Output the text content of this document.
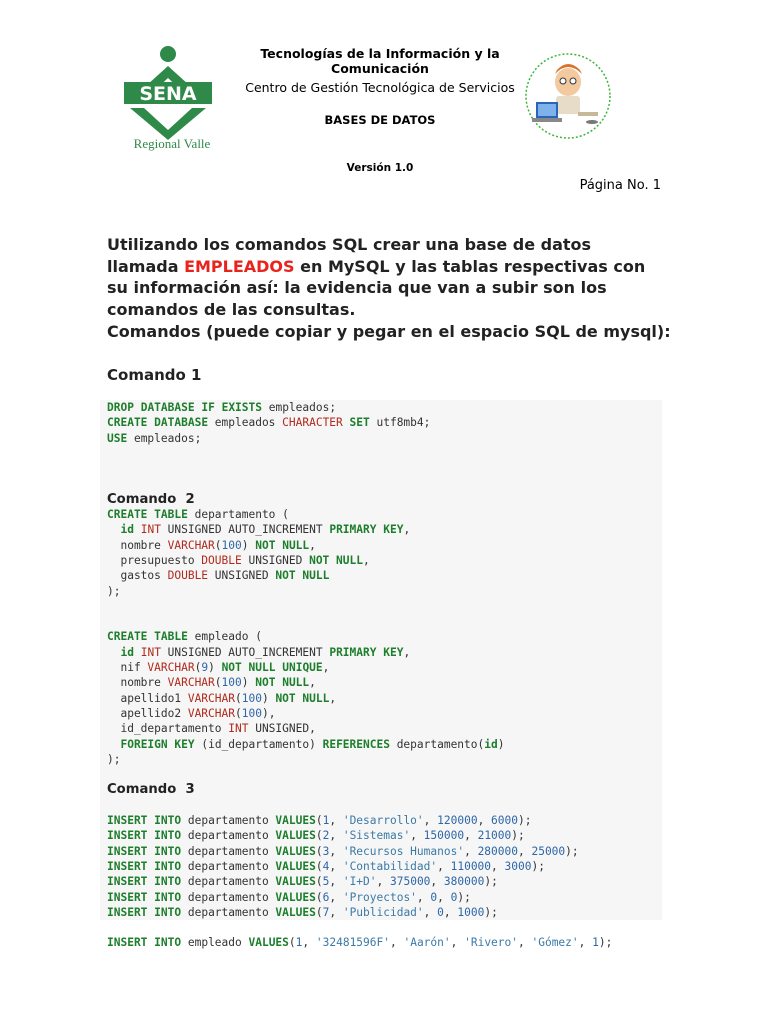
SENA
Regional Valle
Tecnologías de la Información y la Comunicación
Centro de Gestión Tecnológica de Servicios
BASES DE DATOS
Versión 1.0
Página No. 1
Utilizando los comandos SQL crear una base de datos llamada EMPLEADOS en MySQL y las tablas respectivas con su información así: la evidencia que van a subir son los comandos de las consultas.
Comandos (puede copiar y pegar en el espacio SQL de mysql):
Comando 1
DROP DATABASE IF EXISTS empleados;
CREATE DATABASE empleados CHARACTER SET utf8mb4;
USE empleados;

Comando  2
CREATE TABLE departamento (
id INT UNSIGNED AUTO_INCREMENT PRIMARY KEY,
nombre VARCHAR(100) NOT NULL,
presupuesto DOUBLE UNSIGNED NOT NULL,
gastos DOUBLE UNSIGNED NOT NULL
);

CREATE TABLE empleado (
id INT UNSIGNED AUTO_INCREMENT PRIMARY KEY,
nif VARCHAR(9) NOT NULL UNIQUE,
nombre VARCHAR(100) NOT NULL,
apellido1 VARCHAR(100) NOT NULL,
apellido2 VARCHAR(100),
id_departamento INT UNSIGNED,
FOREIGN KEY (id_departamento) REFERENCES departamento(id)
);

Comando  3

INSERT INTO departamento VALUES(1, 'Desarrollo', 120000, 6000);
INSERT INTO departamento VALUES(2, 'Sistemas', 150000, 21000);
INSERT INTO departamento VALUES(3, 'Recursos Humanos', 280000, 25000);
INSERT INTO departamento VALUES(4, 'Contabilidad', 110000, 3000);
INSERT INTO departamento VALUES(5, 'I+D', 375000, 380000);
INSERT INTO departamento VALUES(6, 'Proyectos', 0, 0);
INSERT INTO departamento VALUES(7, 'Publicidad', 0, 1000);

INSERT INTO empleado VALUES(1, '32481596F', 'Aarón', 'Rivero', 'Gómez', 1);
